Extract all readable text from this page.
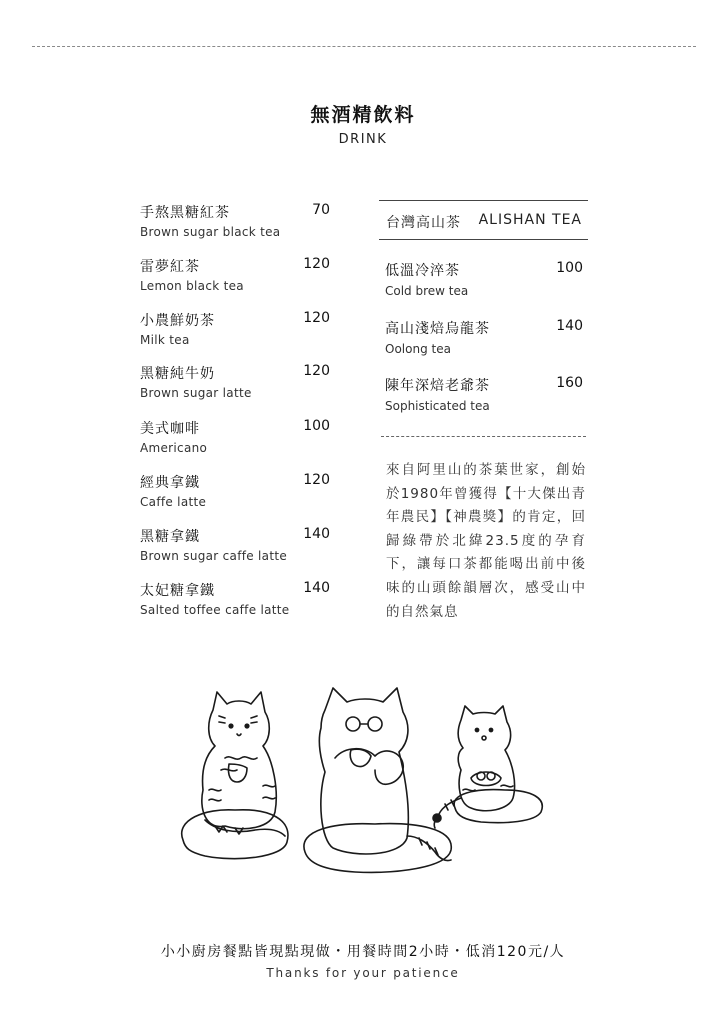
無酒精飲料
DRINK
手熬黑糖紅茶
Brown sugar black tea
70
雷夢紅茶
Lemon black tea
120
小農鮮奶茶
Milk tea
120
黑糖純牛奶
Brown sugar latte
120
美式咖啡
Americano
100
經典拿鐵
Caffe latte
120
黑糖拿鐵
Brown sugar caffe latte
140
太妃糖拿鐵
Salted toffee caffe latte
140
台灣高山茶 ALISHAN TEA
低溫冷淬茶
Cold brew tea
100
高山淺焙烏龍茶
Oolong tea
140
陳年深焙老爺茶
Sophisticated tea
160
來自阿里山的茶葉世家，創始於1980年曾獲得【十大傑出青年農民】【神農獎】的肯定，回歸綠帶於北緯23.5度的孕育下，讓每口茶都能喝出前中後味的山頭餘韻層次，感受山中的自然氣息
小小廚房餐點皆現點現做・用餐時間2小時・低消120元/人
Thanks for your patience
